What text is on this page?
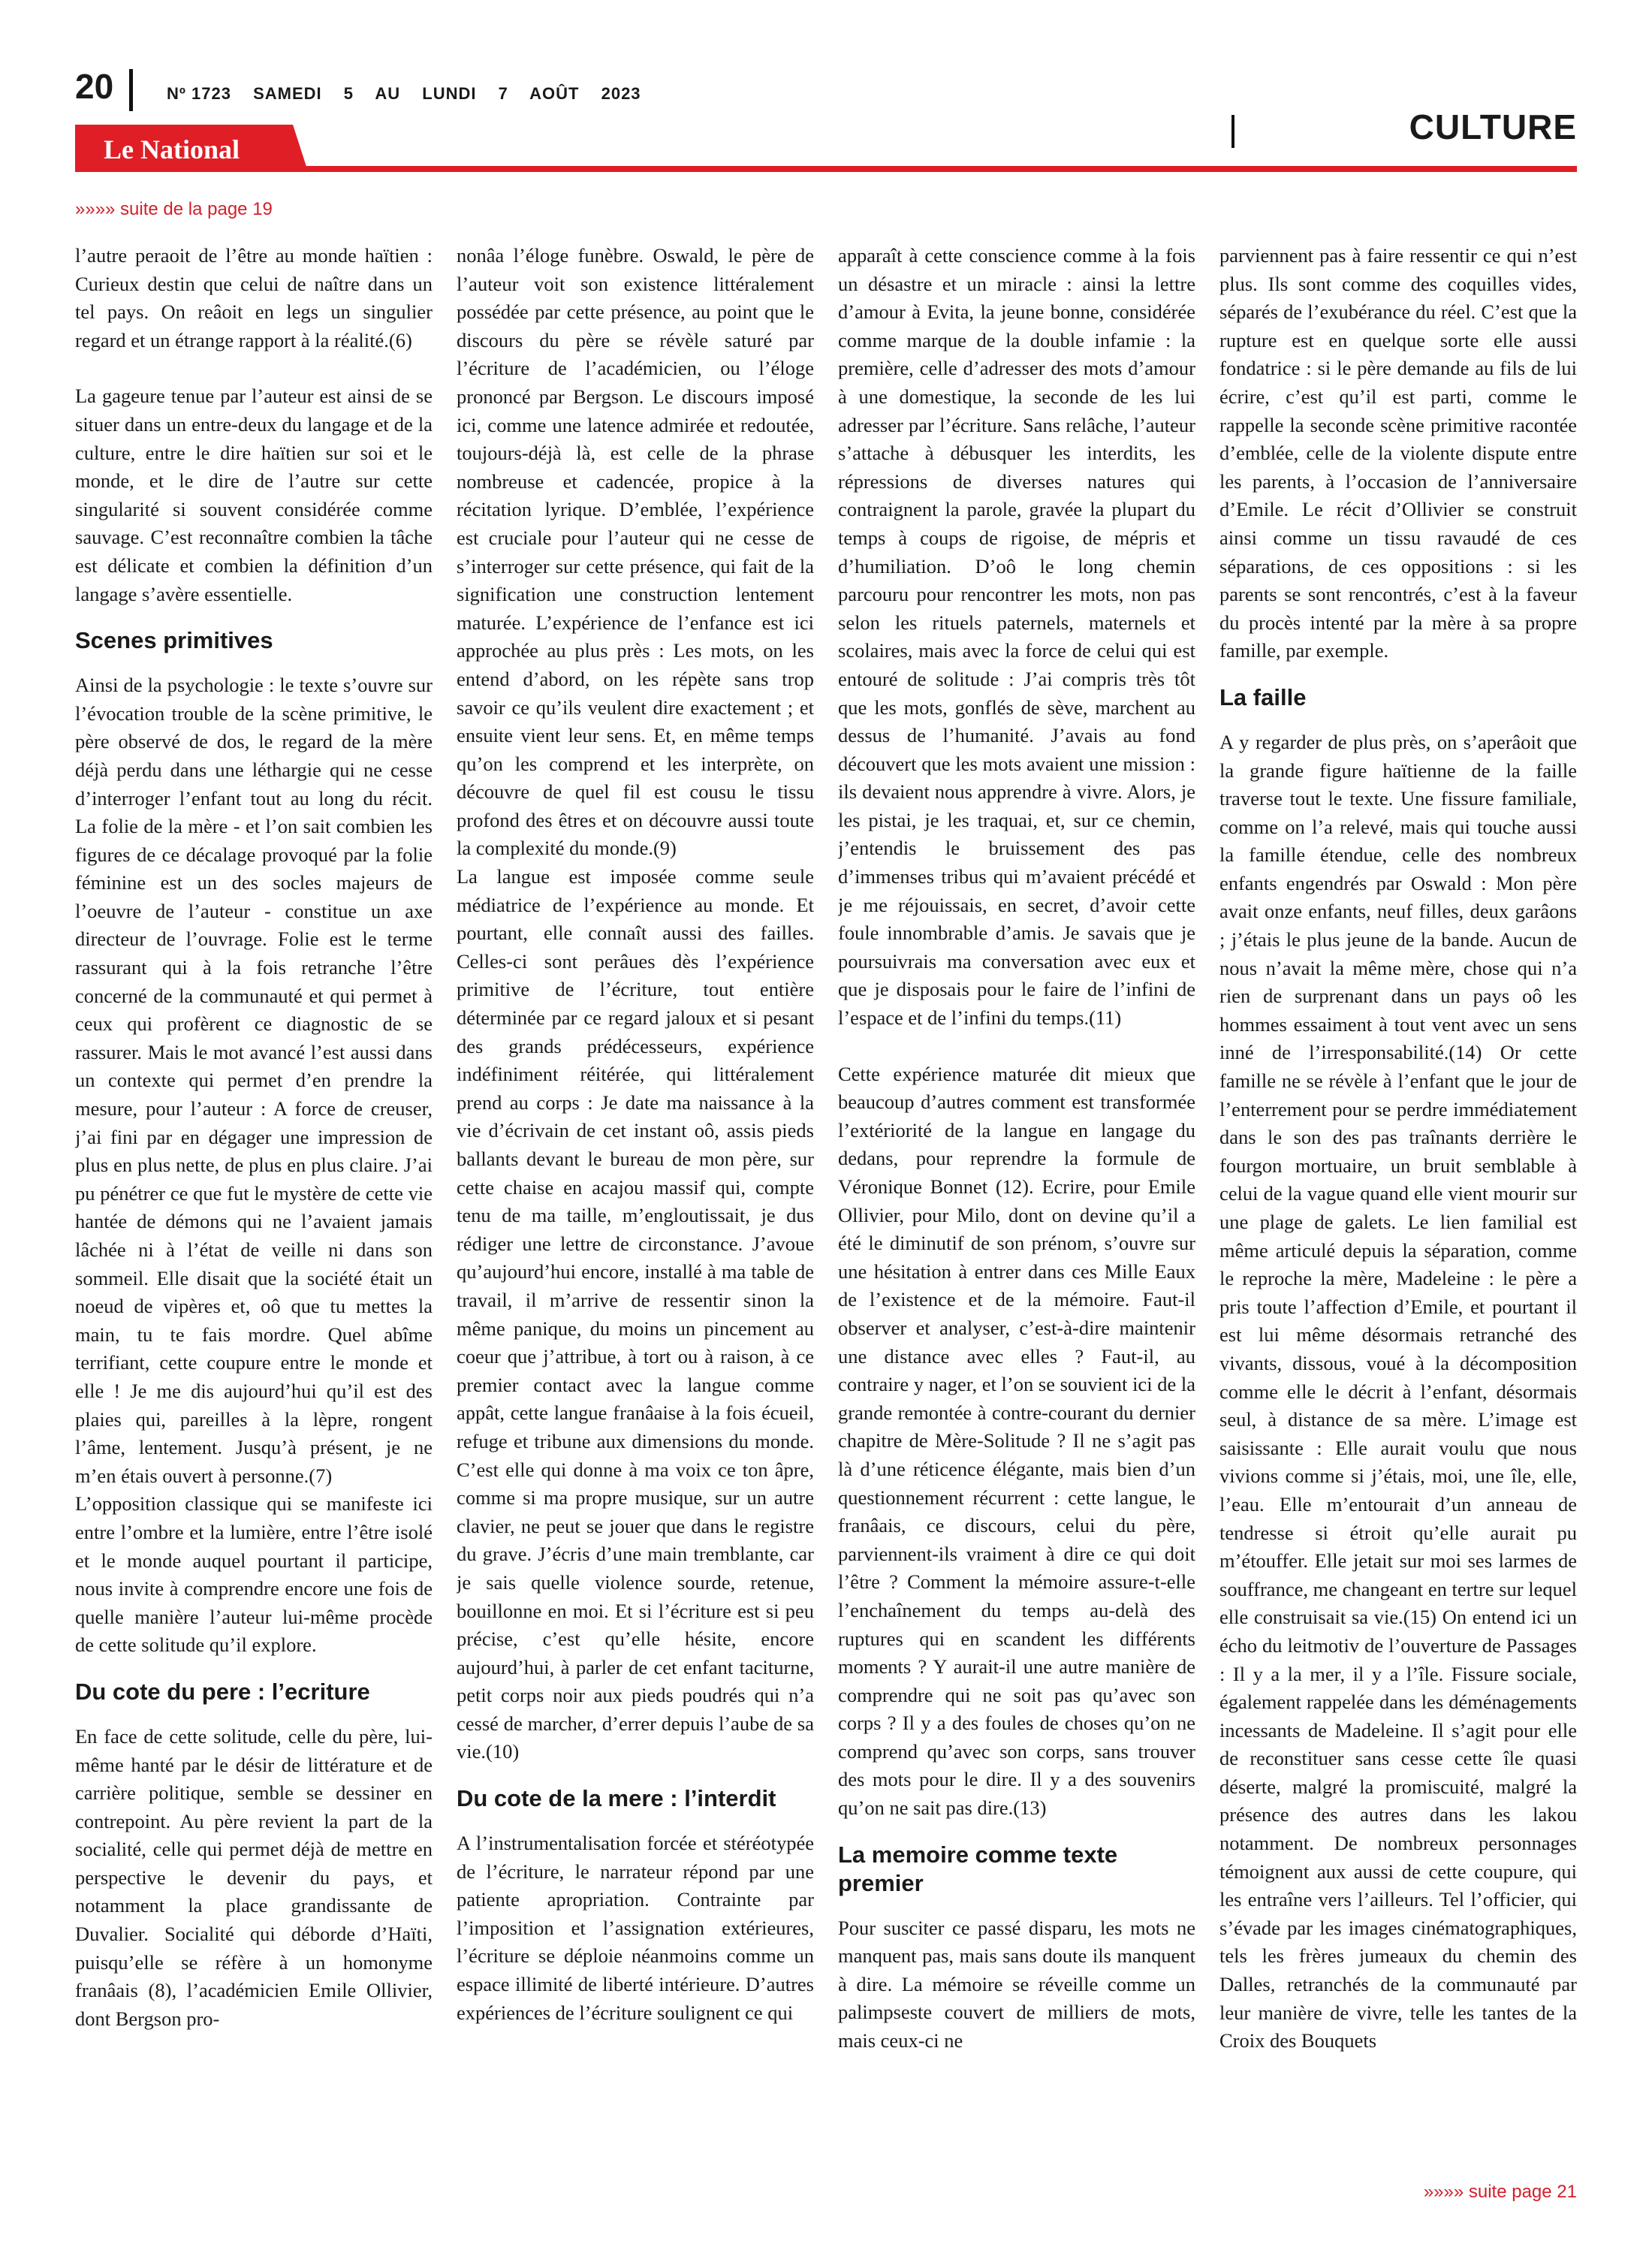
20	Nº 1723 SAMEDI 5 AU LUNDI 7 AOÛT 2023
CULTURE
Le National
»»»» suite de la page 19

l’autre peraoit de l’être au monde haïtien : Curieux destin que celui de naître dans un tel pays. On reâoit en legs un singulier regard et un étrange rapport à la réalité.(6)

La gageure tenue par l’auteur est ainsi de se situer dans un entre-deux du langage et de la culture, entre le dire haïtien sur soi et le monde, et le dire de l’autre sur cette singularité si souvent considérée comme sauvage. C’est reconnaître combien la tâche est délicate et combien la définition d’un langage s’avère essentielle.

Scenes primitives

Ainsi de la psychologie : le texte s’ouvre sur l’évocation trouble de la scène primitive, le père observé de dos, le regard de la mère déjà perdu dans une léthargie qui ne cesse d’interroger l’enfant tout au long du récit. La folie de la mère - et l’on sait combien les figures de ce décalage provoqué par la folie féminine est un des socles majeurs de l’oeuvre de l’auteur - constitue un axe directeur de l’ouvrage. Folie est le terme rassurant qui à la fois retranche l’être concerné de la communauté et qui permet à ceux qui profèrent ce diagnostic de se rassurer. Mais le mot avancé l’est aussi dans un contexte qui permet d’en prendre la mesure, pour l’auteur : A force de creuser, j’ai fini par en dégager une impression de plus en plus nette, de plus en plus claire. J’ai pu pénétrer ce que fut le mystère de cette vie hantée de démons qui ne l’avaient jamais lâchée ni à l’état de veille ni dans son sommeil. Elle disait que la société était un noeud de vipères et, oô que tu mettes la main, tu te fais mordre. Quel abîme terrifiant, cette coupure entre le monde et elle ! Je me dis aujourd’hui qu’il est des plaies qui, pareilles à la lèpre, rongent l’âme, lentement. Jusqu’à présent, je ne m’en étais ouvert à personne.(7)

L’opposition classique qui se manifeste ici entre l’ombre et la lumière, entre l’être isolé et le monde auquel pourtant il participe, nous invite à comprendre encore une fois de quelle manière l’auteur lui-même procède de cette solitude qu’il explore.

Du cote du pere : l’ecriture

En face de cette solitude, celle du père, lui-même hanté par le désir de littérature et de carrière politique, semble se dessiner en contrepoint. Au père revient la part de la socialité, celle qui permet déjà de mettre en perspective le devenir du pays, et notamment la place grandissante de Duvalier. Socialité qui déborde d’Haïti, puisqu’elle se réfère à un homonyme franâais (8), l’académicien Emile Ollivier, dont Bergson pro-

nonâa l’éloge funèbre. Oswald, le père de l’auteur voit son existence littéralement possédée par cette présence, au point que le discours du père se révèle saturé par l’écriture de l’académicien, ou l’éloge prononcé par Bergson. Le discours imposé ici, comme une latence admirée et redoutée, toujours-déjà là, est celle de la phrase nombreuse et cadencée, propice à la récitation lyrique. D’emblée, l’expérience est cruciale pour l’auteur qui ne cesse de s’interroger sur cette présence, qui fait de la signification une construction lentement maturée. L’expérience de l’enfance est ici approchée au plus près : Les mots, on les entend d’abord, on les répète sans trop savoir ce qu’ils veulent dire exactement ; et ensuite vient leur sens. Et, en même temps qu’on les comprend et les interprète, on découvre de quel fil est cousu le tissu profond des êtres et on découvre aussi toute la complexité du monde.(9)

La langue est imposée comme seule médiatrice de l’expérience au monde. Et pourtant, elle connaît aussi des failles. Celles-ci sont perâues dès l’expérience primitive de l’écriture, tout entière déterminée par ce regard jaloux et si pesant des grands prédécesseurs, expérience indéfiniment réitérée, qui littéralement prend au corps : Je date ma naissance à la vie d’écrivain de cet instant oô, assis pieds ballants devant le bureau de mon père, sur cette chaise en acajou massif qui, compte tenu de ma taille, m’engloutissait, je dus rédiger une lettre de circonstance. J’avoue qu’aujourd’hui encore, installé à ma table de travail, il m’arrive de ressentir sinon la même panique, du moins un pincement au coeur que j’attribue, à tort ou à raison, à ce premier contact avec la langue comme appât, cette langue franâaise à la fois écueil, refuge et tribune aux dimensions du monde. C’est elle qui donne à ma voix ce ton âpre, comme si ma propre musique, sur un autre clavier, ne peut se jouer que dans le registre du grave. J’écris d’une main tremblante, car je sais quelle violence sourde, retenue, bouillonne en moi. Et si l’écriture est si peu précise, c’est qu’elle hésite, encore aujourd’hui, à parler de cet enfant taciturne, petit corps noir aux pieds poudrés qui n’a cessé de marcher, d’errer depuis l’aube de sa vie.(10)

Du cote de la mere : l’interdit

A l’instrumentalisation forcée et stéréotypée de l’écriture, le narrateur répond par une patiente apropriation. Contrainte par l’imposition et l’assignation extérieures, l’écriture se déploie néanmoins comme un espace illimité de liberté intérieure. D’autres expériences de l’écriture soulignent ce qui

apparaît à cette conscience comme à la fois un désastre et un miracle : ainsi la lettre d’amour à Evita, la jeune bonne, considérée comme marque de la double infamie : la première, celle d’adresser des mots d’amour à une domestique, la seconde de les lui adresser par l’écriture. Sans relâche, l’auteur s’attache à débusquer les interdits, les répressions de diverses natures qui contraignent la parole, gravée la plupart du temps à coups de rigoise, de mépris et d’humiliation. D’oô le long chemin parcouru pour rencontrer les mots, non pas selon les rituels paternels, maternels et scolaires, mais avec la force de celui qui est entouré de solitude : J’ai compris très tôt que les mots, gonflés de sève, marchent au dessus de l’humanité. J’avais au fond découvert que les mots avaient une mission : ils devaient nous apprendre à vivre. Alors, je les pistai, je les traquai, et, sur ce chemin, j’entendis le bruissement des pas d’immenses tribus qui m’avaient précédé et je me réjouissais, en secret, d’avoir cette foule innombrable d’amis. Je savais que je poursuivrais ma conversation avec eux et que je disposais pour le faire de l’infini de l’espace et de l’infini du temps.(11)

Cette expérience maturée dit mieux que beaucoup d’autres comment est transformée l’extériorité de la langue en langage du dedans, pour reprendre la formule de Véronique Bonnet (12). Ecrire, pour Emile Ollivier, pour Milo, dont on devine qu’il a été le diminutif de son prénom, s’ouvre sur une hésitation à entrer dans ces Mille Eaux de l’existence et de la mémoire. Faut-il observer et analyser, c’est-à-dire maintenir une distance avec elles ? Faut-il, au contraire y nager, et l’on se souvient ici de la grande remontée à contre-courant du dernier chapitre de Mère-Solitude ? Il ne s’agit pas là d’une réticence élégante, mais bien d’un questionnement récurrent : cette langue, le franâais, ce discours, celui du père, parviennent-ils vraiment à dire ce qui doit l’être ? Comment la mémoire assure-t-elle l’enchaînement du temps au-delà des ruptures qui en scandent les différents moments ? Y aurait-il une autre manière de comprendre qui ne soit pas qu’avec son corps ? Il y a des foules de choses qu’on ne comprend qu’avec son corps, sans trouver des mots pour le dire. Il y a des souvenirs qu’on ne sait pas dire.(13)

La memoire comme texte premier

Pour susciter ce passé disparu, les mots ne manquent pas, mais sans doute ils manquent à dire. La mémoire se réveille comme un palimpseste couvert de milliers de mots, mais ceux-ci ne

parviennent pas à faire ressentir ce qui n’est plus. Ils sont comme des coquilles vides, séparés de l’exubérance du réel. C’est que la rupture est en quelque sorte elle aussi fondatrice : si le père demande au fils de lui écrire, c’est qu’il est parti, comme le rappelle la seconde scène primitive racontée d’emblée, celle de la violente dispute entre les parents, à l’occasion de l’anniversaire d’Emile. Le récit d’Ollivier se construit ainsi comme un tissu ravaudé de ces séparations, de ces oppositions : si les parents se sont rencontrés, c’est à la faveur du procès intenté par la mère à sa propre famille, par exemple.

La faille

A y regarder de plus près, on s’aperâoit que la grande figure haïtienne de la faille traverse tout le texte. Une fissure familiale, comme on l’a relevé, mais qui touche aussi la famille étendue, celle des nombreux enfants engendrés par Oswald : Mon père avait onze enfants, neuf filles, deux garâons ; j’étais le plus jeune de la bande. Aucun de nous n’avait la même mère, chose qui n’a rien de surprenant dans un pays oô les hommes essaiment à tout vent avec un sens inné de l’irresponsabilité.(14) Or cette famille ne se révèle à l’enfant que le jour de l’enterrement pour se perdre immédiatement dans le son des pas traînants derrière le fourgon mortuaire, un bruit semblable à celui de la vague quand elle vient mourir sur une plage de galets. Le lien familial est même articulé depuis la séparation, comme le reproche la mère, Madeleine : le père a pris toute l’affection d’Emile, et pourtant il est lui même désormais retranché des vivants, dissous, voué à la décomposition comme elle le décrit à l’enfant, désormais seul, à distance de sa mère. L’image est saisissante : Elle aurait voulu que nous vivions comme si j’étais, moi, une île, elle, l’eau. Elle m’entourait d’un anneau de tendresse si étroit qu’elle aurait pu m’étouffer. Elle jetait sur moi ses larmes de souffrance, me changeant en tertre sur lequel elle construisait sa vie.(15) On entend ici un écho du leitmotiv de l’ouverture de Passages : Il y a la mer, il y a l’île. Fissure sociale, également rappelée dans les déménagements incessants de Madeleine. Il s’agit pour elle de reconstituer sans cesse cette île quasi déserte, malgré la promiscuité, malgré la présence des autres dans les lakou notamment. De nombreux personnages témoignent aux aussi de cette coupure, qui les entraîne vers l’ailleurs. Tel l’officier, qui s’évade par les images cinématographiques, tels les frères jumeaux du chemin des Dalles, retranchés de la communauté par leur manière de vivre, telle les tantes de la Croix des Bouquets

»»»» suite page 21
